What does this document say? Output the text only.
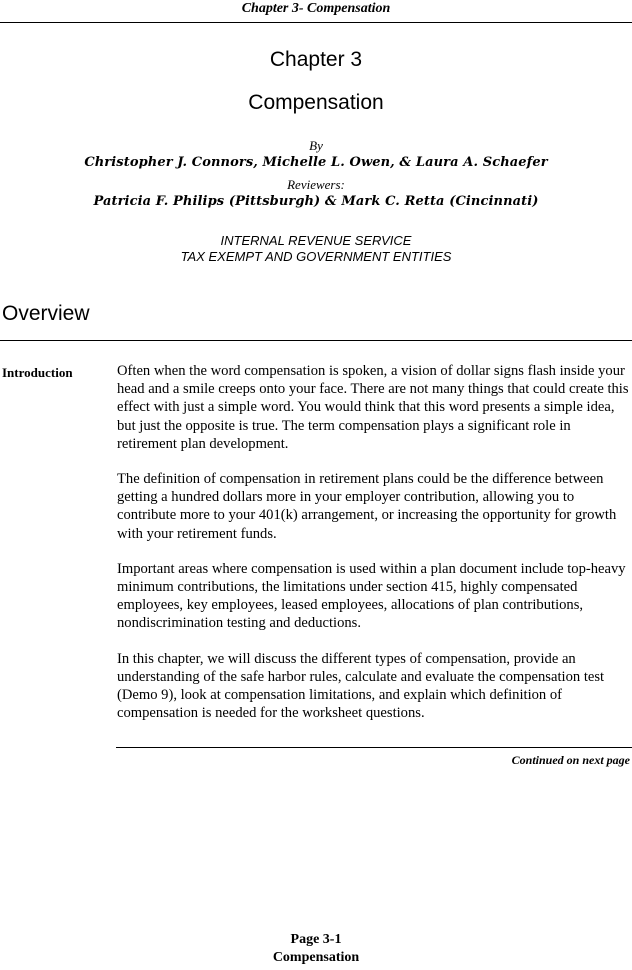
Chapter 3- Compensation
Chapter 3
Compensation
By
Christopher J. Connors, Michelle L. Owen, & Laura A. Schaefer
Reviewers:
Patricia F. Philips (Pittsburgh) & Mark C. Retta (Cincinnati)
INTERNAL REVENUE SERVICE
TAX EXEMPT AND GOVERNMENT ENTITIES
Overview
Introduction	Often when the word compensation is spoken, a vision of dollar signs flash inside your head and a smile creeps onto your face. There are not many things that could create this effect with just a simple word. You would think that this word presents a simple idea, but just the opposite is true. The term compensation plays a significant role in retirement plan development.

The definition of compensation in retirement plans could be the difference between getting a hundred dollars more in your employer contribution, allowing you to contribute more to your 401(k) arrangement, or increasing the opportunity for growth with your retirement funds.

Important areas where compensation is used within a plan document include top-heavy minimum contributions, the limitations under section 415, highly compensated employees, key employees, leased employees, allocations of plan contributions, nondiscrimination testing and deductions.

In this chapter, we will discuss the different types of compensation, provide an understanding of the safe harbor rules, calculate and evaluate the compensation test (Demo 9), look at compensation limitations, and explain which definition of compensation is needed for the worksheet questions.

Continued on next page
Page 3-1
Compensation
